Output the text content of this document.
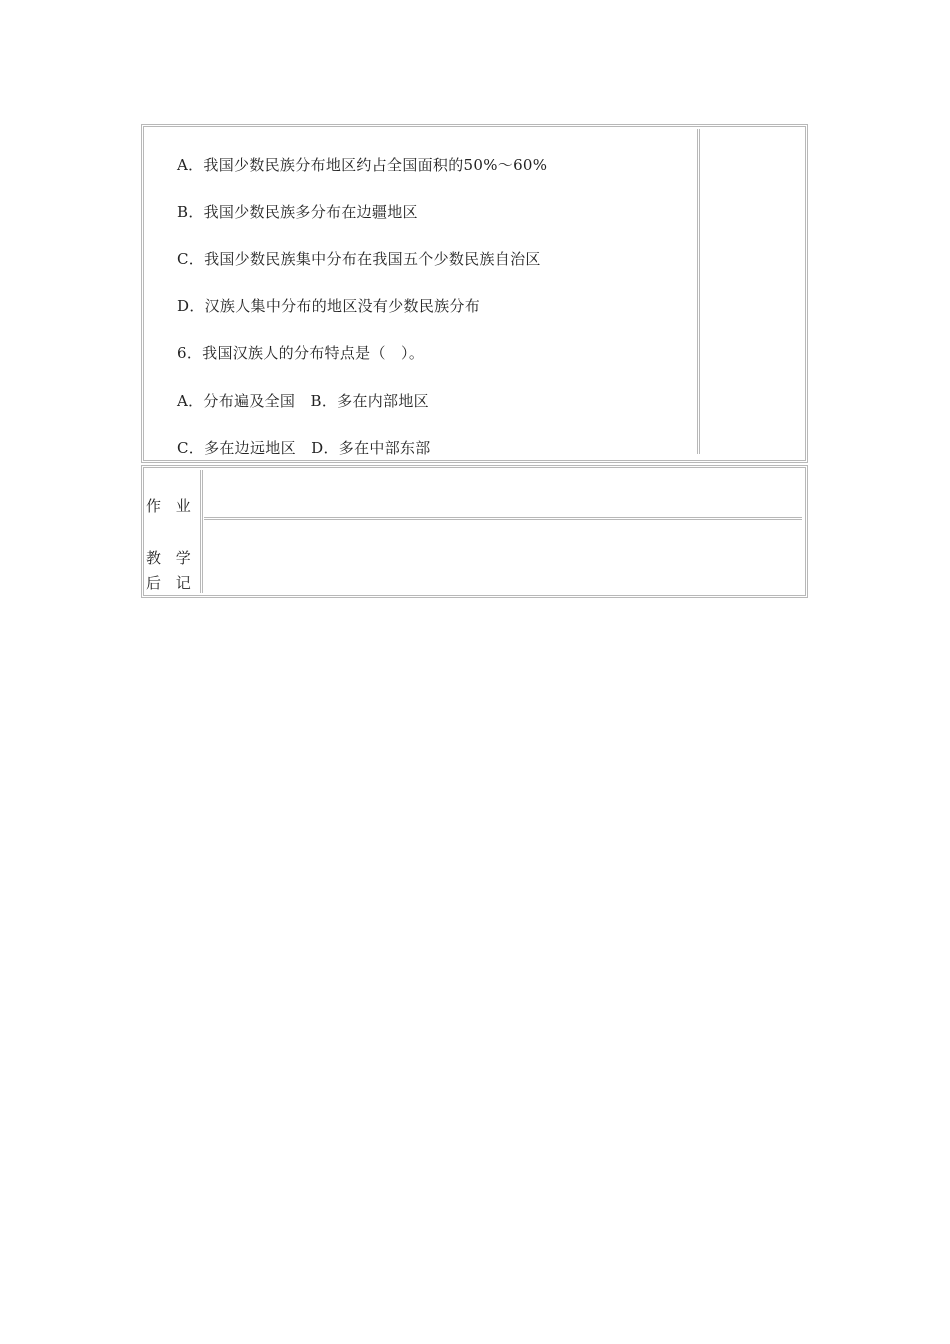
A．我国少数民族分布地区约占全国面积的50%～60%
B．我国少数民族多分布在边疆地区
C．我国少数民族集中分布在我国五个少数民族自治区
D．汉族人集中分布的地区没有少数民族分布
6．我国汉族人的分布特点是（　）。
A．分布遍及全国　B．多在内部地区
C．多在边远地区　D．多在中部东部
作 业
教 学
后 记
